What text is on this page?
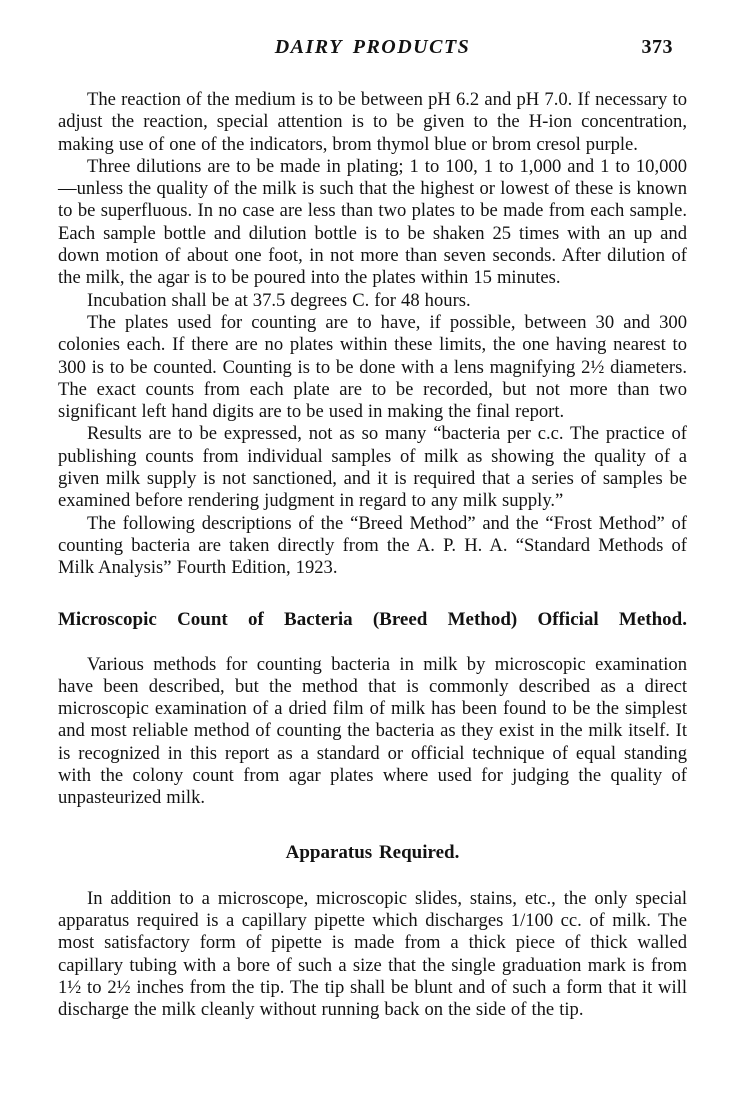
DAIRY PRODUCTS	373

The reaction of the medium is to be between pH 6.2 and pH 7.0. If necessary to adjust the reaction, special attention is to be given to the H-ion concentration, making use of one of the indicators, brom thymol blue or brom cresol purple.

Three dilutions are to be made in plating; 1 to 100, 1 to 1,000 and 1 to 10,000—unless the quality of the milk is such that the highest or lowest of these is known to be superfluous. In no case are less than two plates to be made from each sample. Each sample bottle and dilution bottle is to be shaken 25 times with an up and down motion of about one foot, in not more than seven seconds. After dilution of the milk, the agar is to be poured into the plates within 15 minutes.

Incubation shall be at 37.5 degrees C. for 48 hours.

The plates used for counting are to have, if possible, between 30 and 300 colonies each. If there are no plates within these limits, the one having nearest to 300 is to be counted. Counting is to be done with a lens magnifying 2½ diameters. The exact counts from each plate are to be recorded, but not more than two significant left hand digits are to be used in making the final report.

Results are to be expressed, not as so many “bacteria per c.c. The practice of publishing counts from individual samples of milk as showing the quality of a given milk supply is not sanctioned, and it is required that a series of samples be examined before rendering judgment in regard to any milk supply.”

The following descriptions of the “Breed Method” and the “Frost Method” of counting bacteria are taken directly from the A. P. H. A. “Standard Methods of Milk Analysis” Fourth Edition, 1923.

Microscopic Count of Bacteria (Breed Method) Official Method.

Various methods for counting bacteria in milk by microscopic examination have been described, but the method that is commonly described as a direct microscopic examination of a dried film of milk has been found to be the simplest and most reliable method of counting the bacteria as they exist in the milk itself. It is recognized in this report as a standard or official technique of equal standing with the colony count from agar plates where used for judging the quality of unpasteurized milk.

Apparatus Required.

In addition to a microscope, microscopic slides, stains, etc., the only special apparatus required is a capillary pipette which discharges 1/100 cc. of milk. The most satisfactory form of pipette is made from a thick piece of thick walled capillary tubing with a bore of such a size that the single graduation mark is from 1½ to 2½ inches from the tip. The tip shall be blunt and of such a form that it will discharge the milk cleanly without running back on the side of the tip.
